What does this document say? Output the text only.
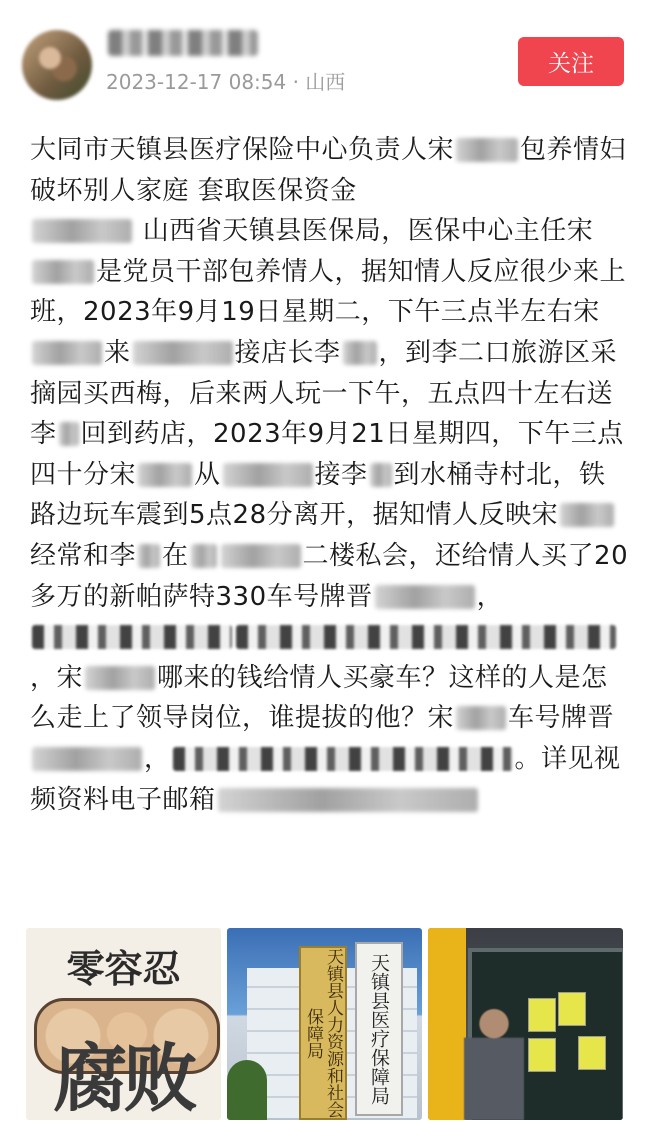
2023-12-17 08:54 · 山西
关注

大同市天镇县医疗保险中心负责人宋	包养情妇破坏别人家庭 套取医保资金
山西省天镇县医保局，医保中心主任宋是党员干部包养情人，据知情人反应很少来上班，2023年9月19日星期二，下午三点半左右宋来	接店长李 ，到李二口旅游区采摘园买西梅，后来两人玩一下午，五点四十左右送李 回到药店，2023年9月21日星期四，下午三点四十分宋 从	接李 到水桶寺村北，铁路边玩车震到5点28分离开，据知情人反映宋经常和李 在	二楼私会，还给情人买了20多万的新帕萨特330车号牌晋	，，宋	哪来的钱给情人买豪车？这样的人是怎么走上了领导岗位，谁提拔的他？宋 车号牌晋
，	。详见视频资料电子邮箱

零容忍
腐败	天镇县人力资源和社会保障局	天镇县医疗保障局
